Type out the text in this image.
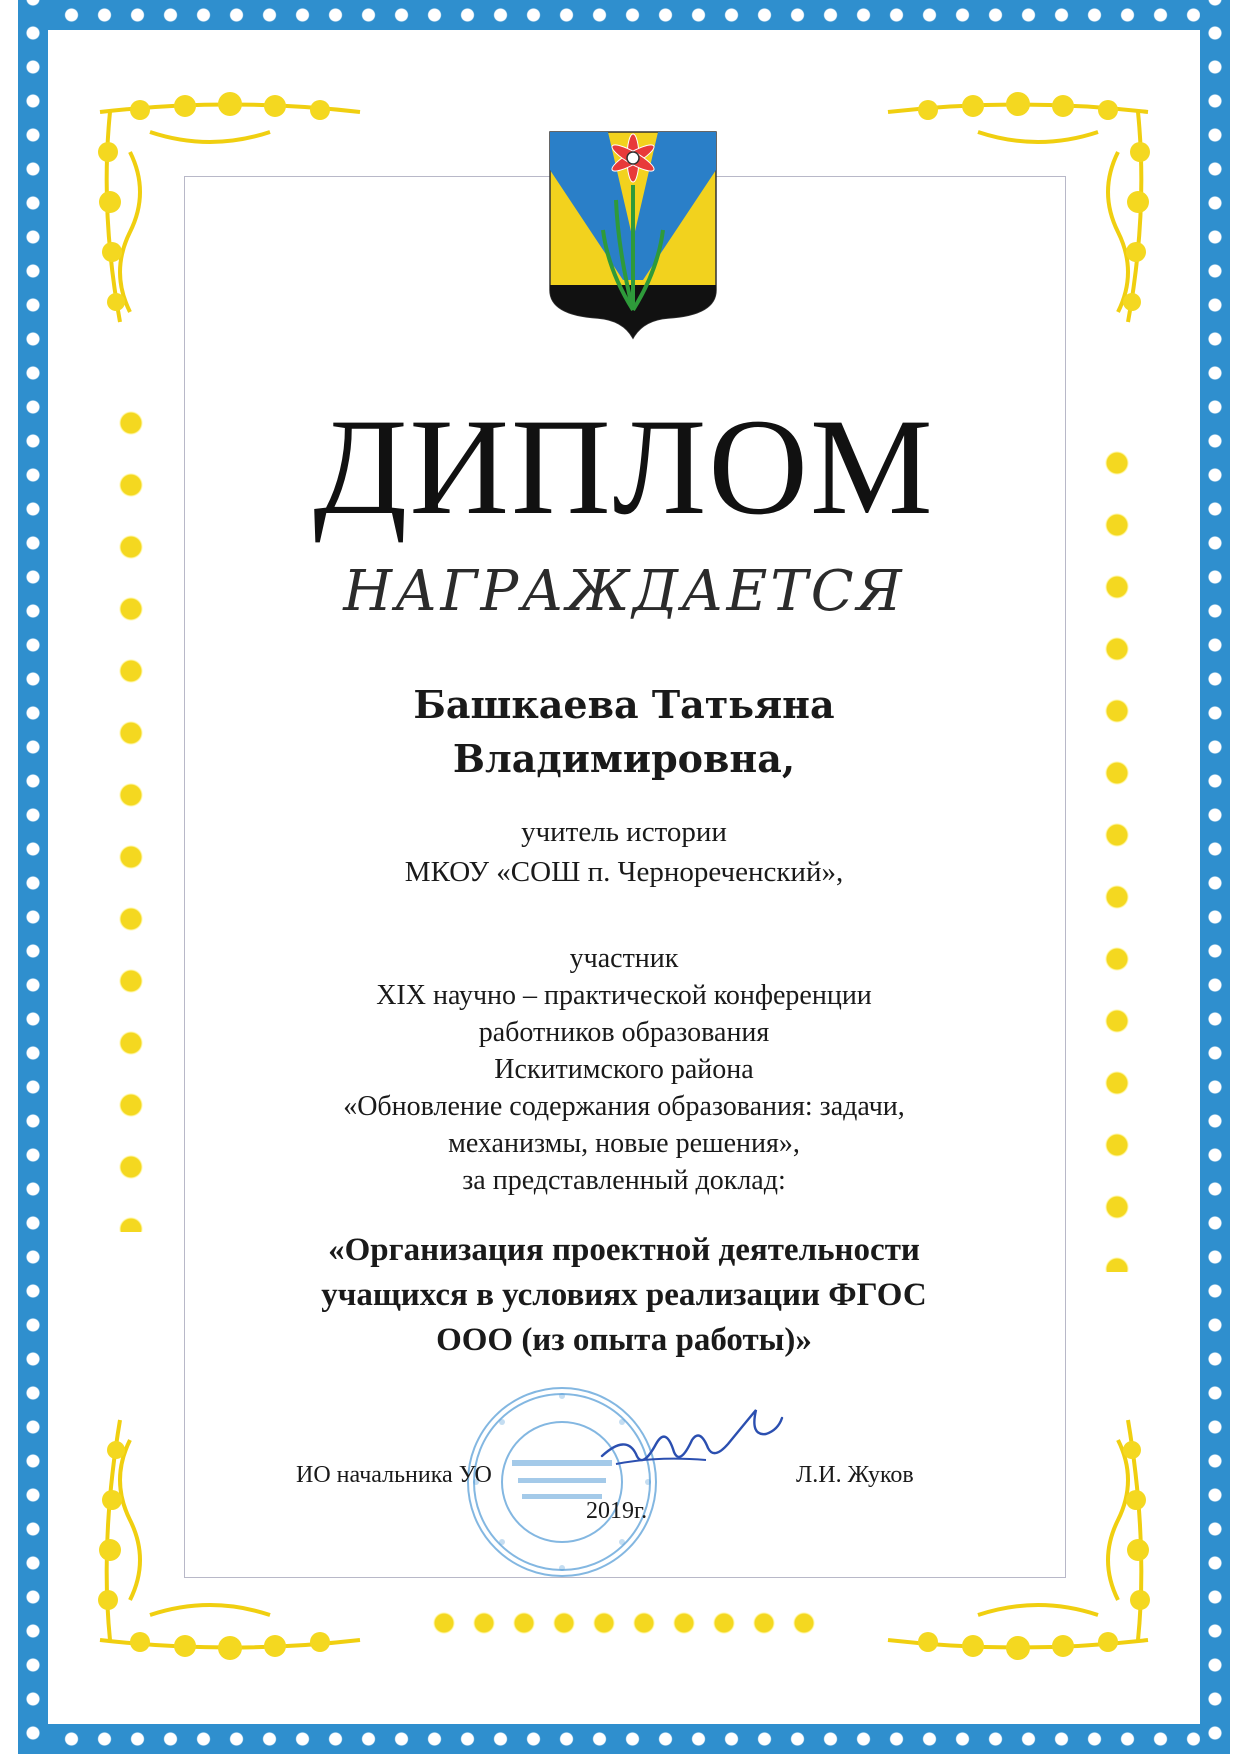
ДИПЛОМ
НАГРАЖДАЕТСЯ
Башкаева Татьяна
Владимировна,
учитель истории
МКОУ «СОШ п. Чернореченский»,
участник
XIX научно – практической конференции
работников образования
Искитимского района
«Обновление содержания образования: задачи,
механизмы, новые решения»,
за представленный доклад:
«Организация проектной деятельности
учащихся в условиях реализации ФГОС
ООО (из опыта работы)»
ИО начальника УО
2019г.
Л.И. Жуков
